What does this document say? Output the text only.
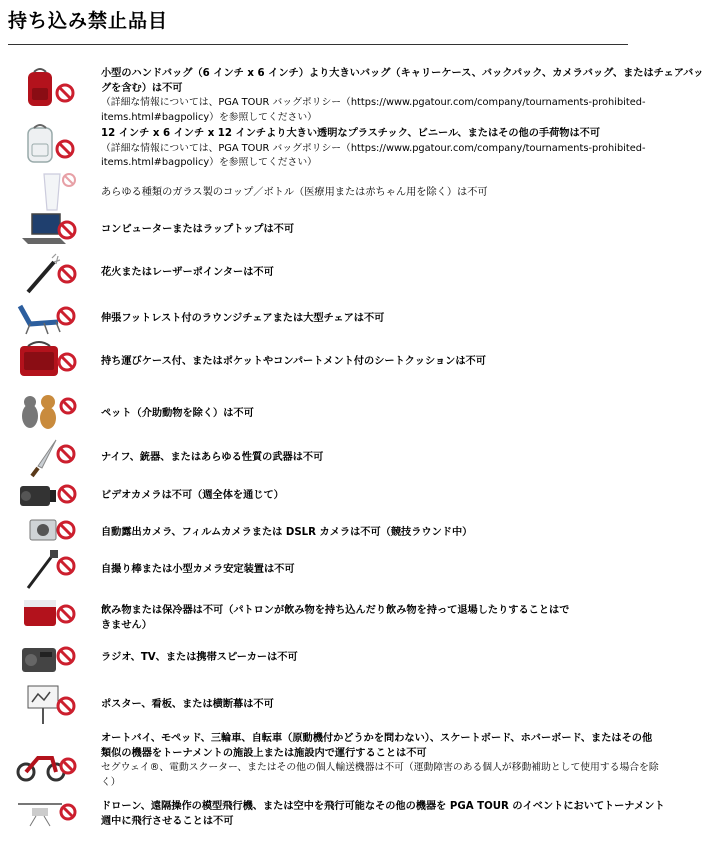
持ち込み禁止品目
小型のハンドバッグ（6 インチ x 6 インチ）より大きいバッグ（キャリーケース、バックパック、カメラバッグ、またはチェアバッグを含む）は不可
（詳細な情報については、PGA TOUR バッグポリシー（https://www.pgatour.com/company/tournaments-prohibited-items.html#bagpolicy）を参照してください）
12 インチ x 6 インチ x 12 インチより大きい透明なプラスチック、ビニール、またはその他の手荷物は不可
（詳細な情報については、PGA TOUR バッグポリシー（https://www.pgatour.com/company/tournaments-prohibited-items.html#bagpolicy）を参照してください）
あらゆる種類のガラス製のコップ／ボトル（医療用または赤ちゃん用を除く）は不可
コンピューターまたはラップトップは不可
花火またはレーザーポインターは不可
伸張フットレスト付のラウンジチェアまたは大型チェアは不可
持ち運びケース付、またはポケットやコンパートメント付のシートクッションは不可
ペット（介助動物を除く）は不可
ナイフ、銃器、またはあらゆる性質の武器は不可
ビデオカメラは不可（週全体を通じて）
自動露出カメラ、フィルムカメラまたは DSLR カメラは不可（競技ラウンド中）
自撮り棒または小型カメラ安定装置は不可
飲み物または保冷器は不可（パトロンが飲み物を持ち込んだり飲み物を持って退場したりすることはできません）
ラジオ、TV、または携帯スピーカーは不可
ポスター、看板、または横断幕は不可
オートバイ、モペッド、三輪車、自転車（原動機付かどうかを問わない）、スケートボード、ホバーボード、またはその他類似の機器をトーナメントの施設上または施設内で運行することは不可
セグウェイ®、電動スクーター、またはその他の個人輸送機器は不可（運動障害のある個人が移動補助として使用する場合を除く）
ドローン、遠隔操作の模型飛行機、または空中を飛行可能なその他の機器を PGA TOUR のイベントにおいてトーナメント週中に飛行させることは不可
